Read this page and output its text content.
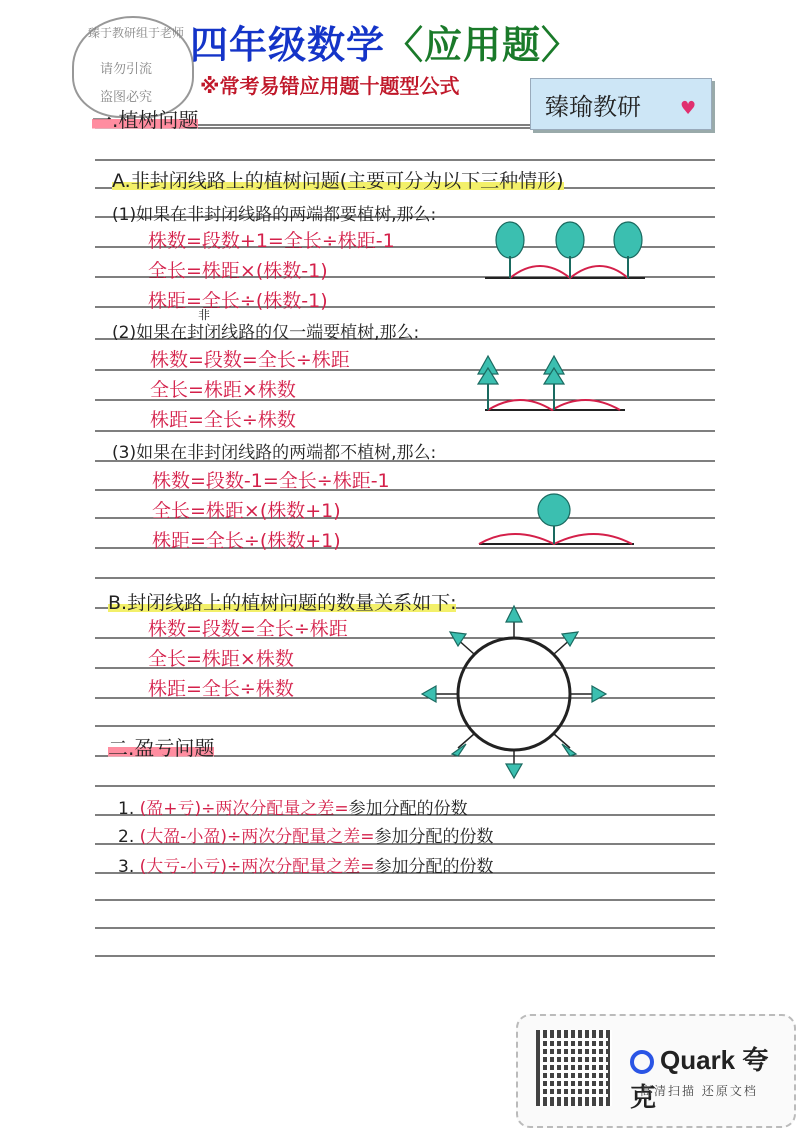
臻于教研组于老师
请勿引流
盗图必究
四年级数学〈应用题〉
※常考易错应用题十题型公式
臻瑜教研 ♥
一.植树问题
A.非封闭线路上的植树问题(主要可分为以下三种情形)
(1)如果在非封闭线路的两端都要植树,那么:
株数=段数+1=全长÷株距-1
全长=株距×(株数-1)
株距=全长÷(株数-1)
非
(2)如果在封闭线路的仅一端要植树,那么:
株数=段数=全长÷株距
全长=株距×株数
株距=全长÷株数
(3)如果在非封闭线路的两端都不植树,那么:
株数=段数-1=全长÷株距-1
全长=株距×(株数+1)
株距=全长÷(株数+1)
B.封闭线路上的植树问题的数量关系如下:
株数=段数=全长÷株距
全长=株距×株数
株距=全长÷株数
二.盈亏问题
1. (盈+亏)÷两次分配量之差=参加分配的份数
2. (大盈-小盈)÷两次分配量之差=参加分配的份数
3. (大亏-小亏)÷两次分配量之差=参加分配的份数
Quark 夸克
高清扫描 还原文档
